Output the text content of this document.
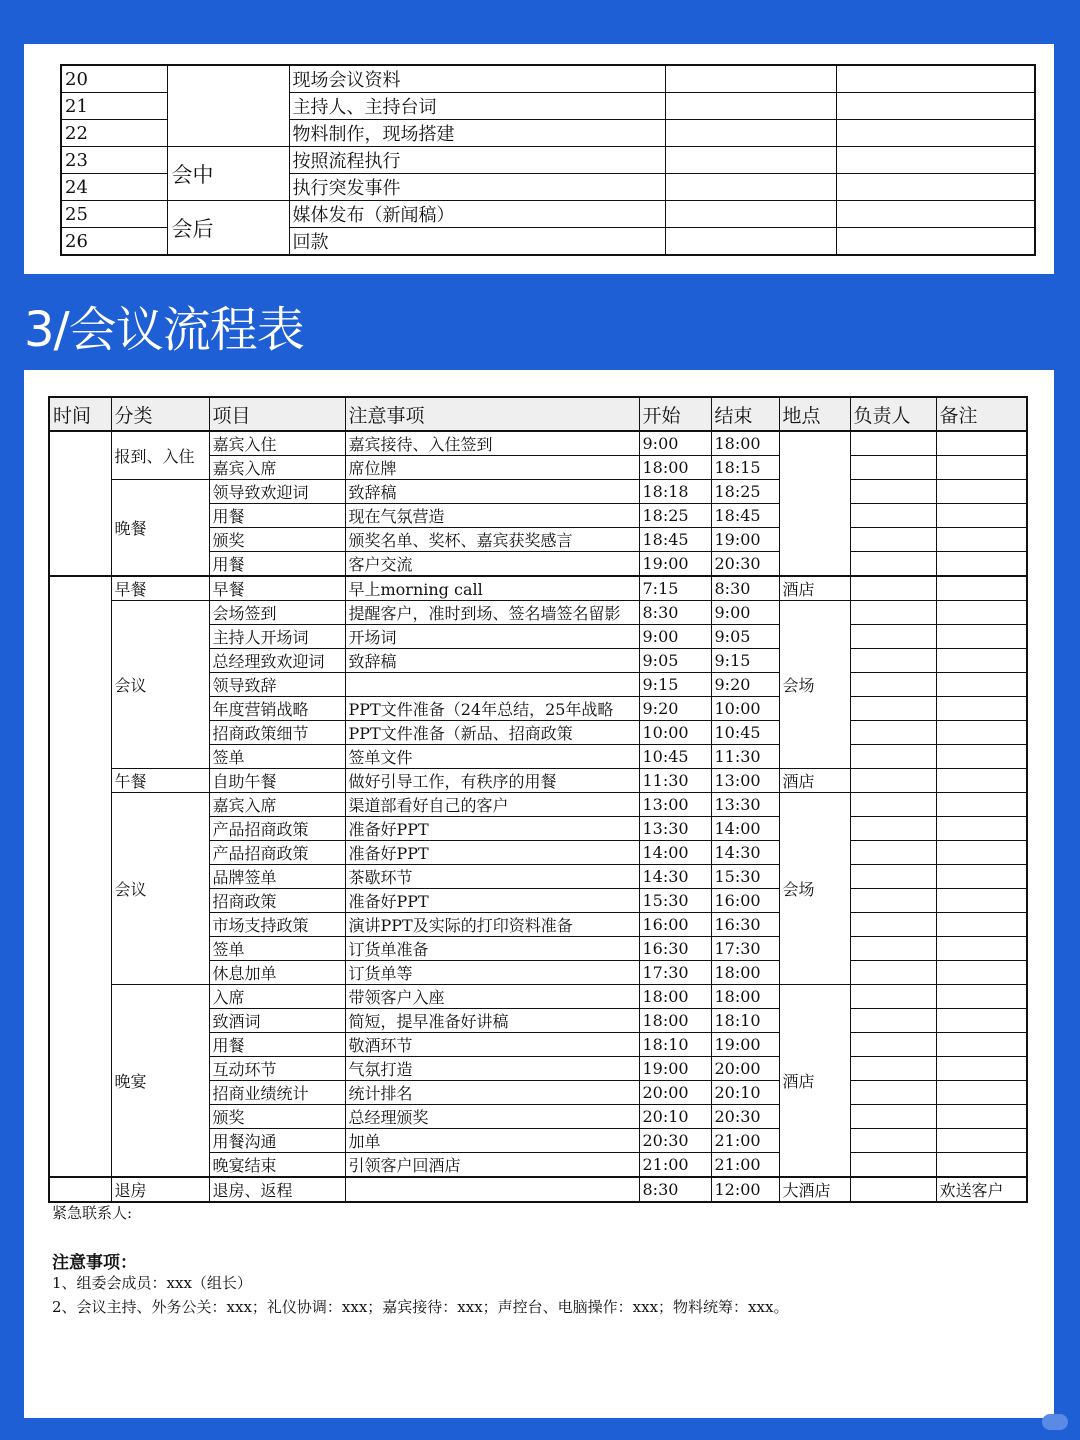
20		现场会议资料		
21		主持人、主持台词		
22		物料制作，现场搭建		
23	会中	按照流程执行		
24		执行突发事件		
25	会后	媒体发布（新闻稿）		
26		回款		
3/会议流程表
时间	分类	项目	注意事项	开始	结束	地点	负责人	备注
	报到、入住	嘉宾入住	嘉宾接待、入住签到	9:00	18:00			
		嘉宾入席	席位牌	18:00	18:15			
	晚餐	领导致欢迎词	致辞稿	18:18	18:25			
		用餐	现在气氛营造	18:25	18:45			
		颁奖	颁奖名单、奖杯、嘉宾获奖感言	18:45	19:00			
		用餐	客户交流	19:00	20:30			
	早餐	早餐	早上morning call	7:15	8:30	酒店		
	会议	会场签到	提醒客户，准时到场、签名墙签名留影	8:30	9:00	会场		
		主持人开场词	开场词	9:00	9:05			
		总经理致欢迎词	致辞稿	9:05	9:15			
		领导致辞		9:15	9:20			
		年度营销战略	PPT文件准备（24年总结，25年战略	9:20	10:00			
		招商政策细节	PPT文件准备（新品、招商政策	10:00	10:45			
		签单	签单文件	10:45	11:30			
	午餐	自助午餐	做好引导工作，有秩序的用餐	11:30	13:00	酒店		
	会议	嘉宾入席	渠道部看好自己的客户	13:00	13:30	会场		
		产品招商政策	准备好PPT	13:30	14:00			
		产品招商政策	准备好PPT	14:00	14:30			
		品牌签单	茶歇环节	14:30	15:30			
		招商政策	准备好PPT	15:30	16:00			
		市场支持政策	演讲PPT及实际的打印资料准备	16:00	16:30			
		签单	订货单准备	16:30	17:30			
		休息加单	订货单等	17:30	18:00			
	晚宴	入席	带领客户入座	18:00	18:00	酒店		
		致酒词	简短，提早准备好讲稿	18:00	18:10			
		用餐	敬酒环节	18:10	19:00			
		互动环节	气氛打造	19:00	20:00			
		招商业绩统计	统计排名	20:00	20:10			
		颁奖	总经理颁奖	20:10	20:30			
		用餐沟通	加单	20:30	21:00			
		晚宴结束	引领客户回酒店	21:00	21:00			
	退房	退房、返程		8:30	12:00	大酒店		欢送客户
紧急联系人:
注意事项：
1、组委会成员：xxx（组长）
2、会议主持、外务公关：xxx；礼仪协调：xxx；嘉宾接待：xxx；声控台、电脑操作：xxx；物料统筹：xxx。
